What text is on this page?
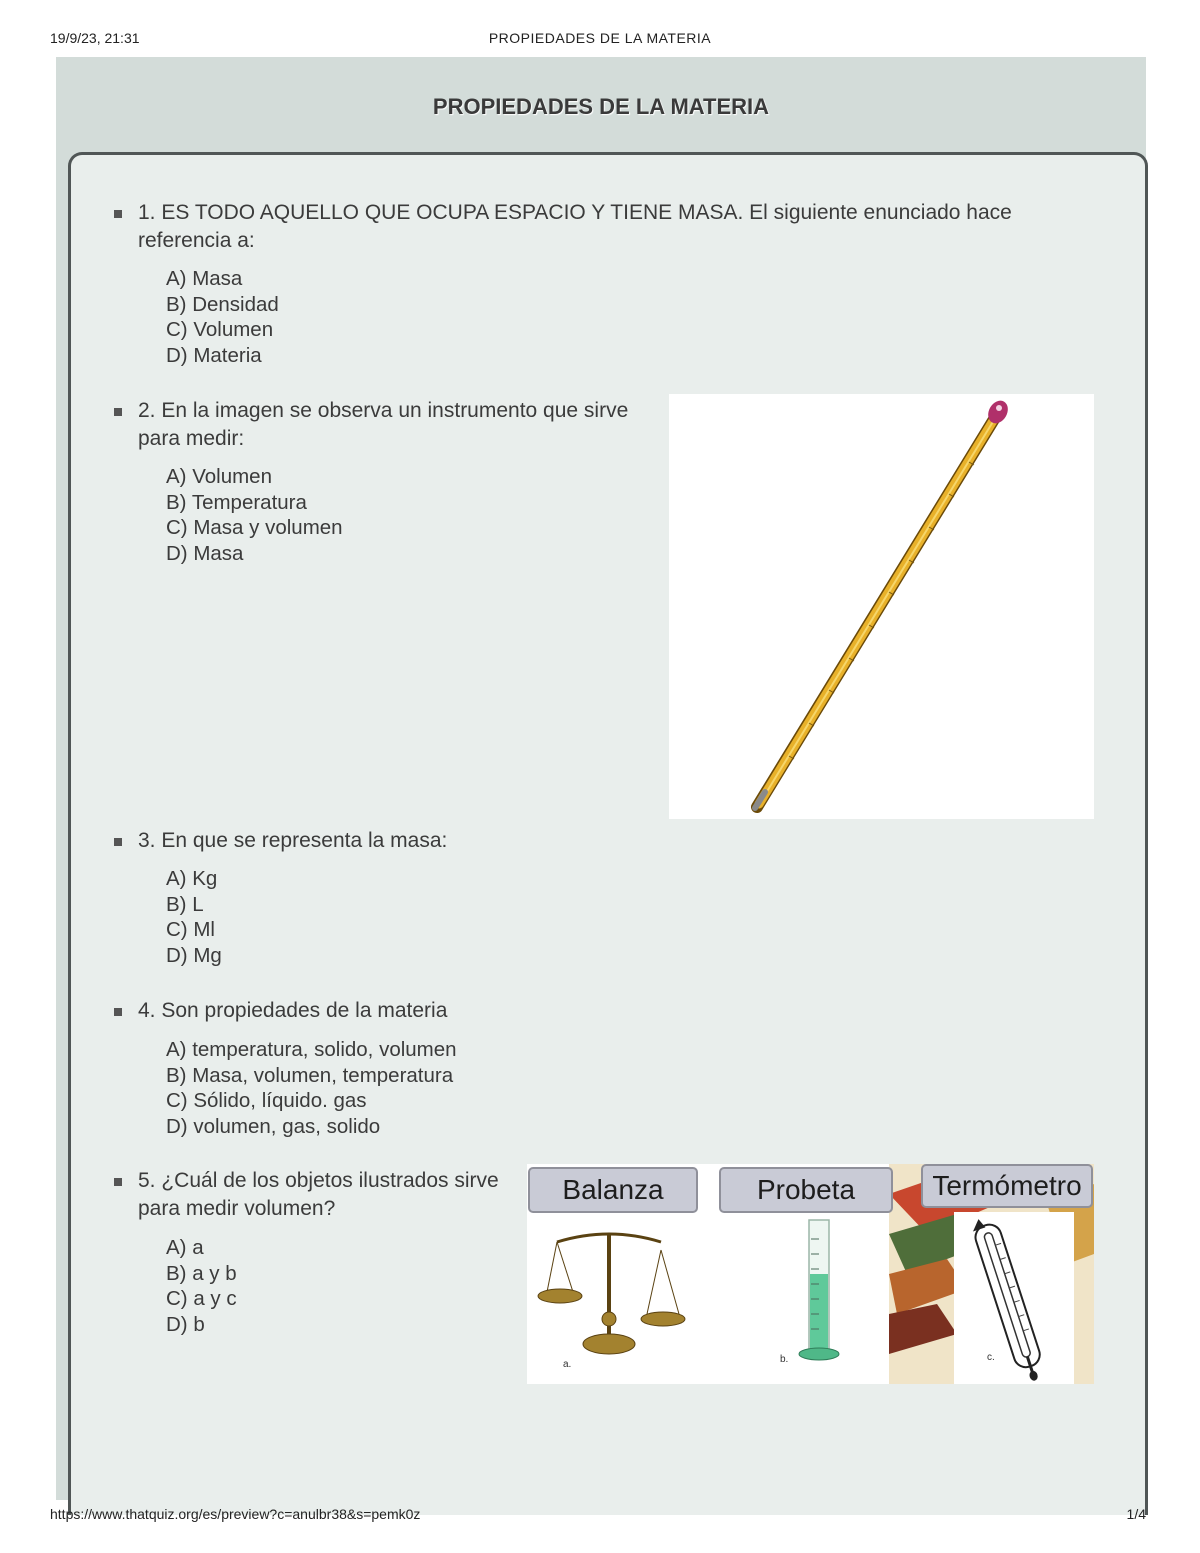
19/9/23, 21:31	PROPIEDADES DE LA MATERIA
PROPIEDADES DE LA MATERIA
1. ES TODO AQUELLO QUE OCUPA ESPACIO Y TIENE MASA. El siguiente enunciado hace referencia a:
A) Masa
B) Densidad
C) Volumen
D) Materia
2. En la imagen se observa un instrumento que sirve para medir:
A) Volumen
B) Temperatura
C) Masa y volumen
D) Masa
3. En que se representa la masa:
A) Kg
B) L
C) Ml
D) Mg
4. Son propiedades de la materia
A) temperatura, solido, volumen
B) Masa, volumen, temperatura
C) Sólido, líquido. gas
D) volumen, gas, solido
5. ¿Cuál de los objetos ilustrados sirve para medir volumen?
A) a
B) a y b
C) a y c
D) b
Balanza	Probeta	Termómetro
a.	b.	c.
https://www.thatquiz.org/es/preview?c=anulbr38&s=pemk0z	1/4
